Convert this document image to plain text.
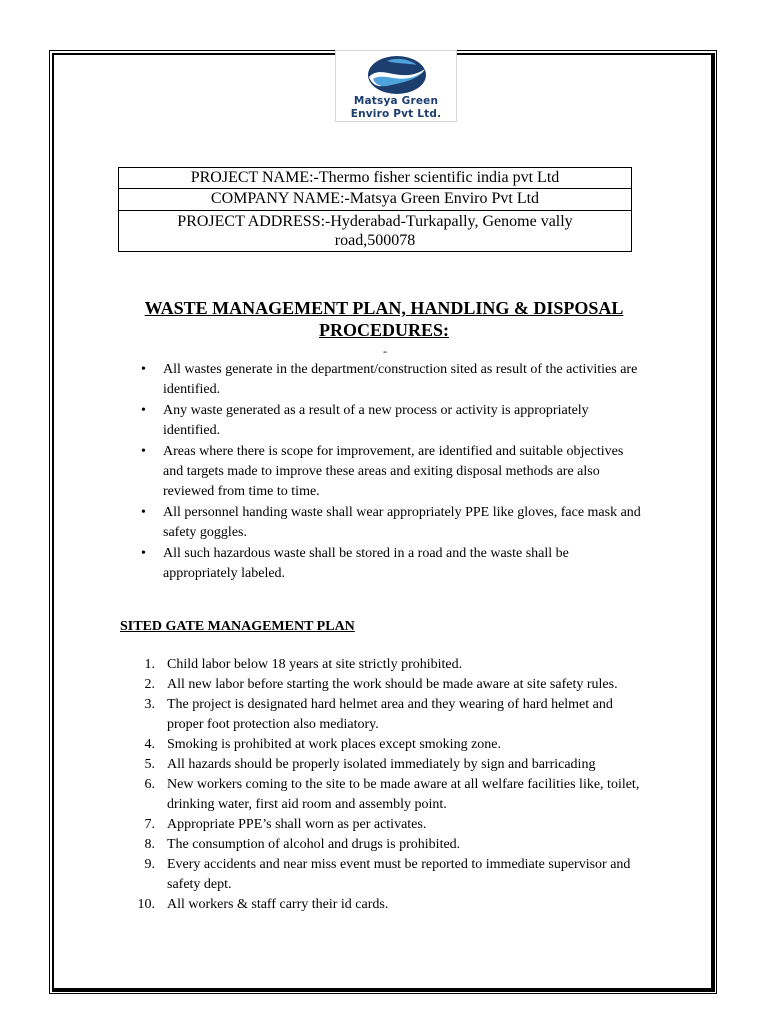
Matsya Green
Enviro Pvt Ltd.
PROJECT NAME:-Thermo fisher scientific india pvt Ltd
COMPANY NAME:-Matsya Green Enviro Pvt Ltd
PROJECT ADDRESS:-Hyderabad-Turkapally, Genome vally
road,500078
WASTE MANAGEMENT PLAN, HANDLING & DISPOSAL
PROCEDURES:
-
• All wastes generate in the department/construction sited as result of the activities are identified.
• Any waste generated as a result of a new process or activity is appropriately identified.
• Areas where there is scope for improvement, are identified and suitable objectives and targets made to improve these areas and exiting disposal methods are also reviewed from time to time.
• All personnel handing waste shall wear appropriately PPE like gloves, face mask and safety goggles.
• All such hazardous waste shall be stored in a road and the waste shall be appropriately labeled.
SITED GATE MANAGEMENT PLAN
1. Child labor below 18 years at site strictly prohibited.
2. All new labor before starting the work should be made aware at site safety rules.
3. The project is designated hard helmet area and they wearing of hard helmet and proper foot protection also mediatory.
4. Smoking is prohibited at work places except smoking zone.
5. All hazards should be properly isolated immediately by sign and barricading
6. New workers coming to the site to be made aware at all welfare facilities like, toilet, drinking water, first aid room and assembly point.
7. Appropriate PPE’s shall worn as per activates.
8. The consumption of alcohol and drugs is prohibited.
9. Every accidents and near miss event must be reported to immediate supervisor and safety dept.
10. All workers & staff carry their id cards.
